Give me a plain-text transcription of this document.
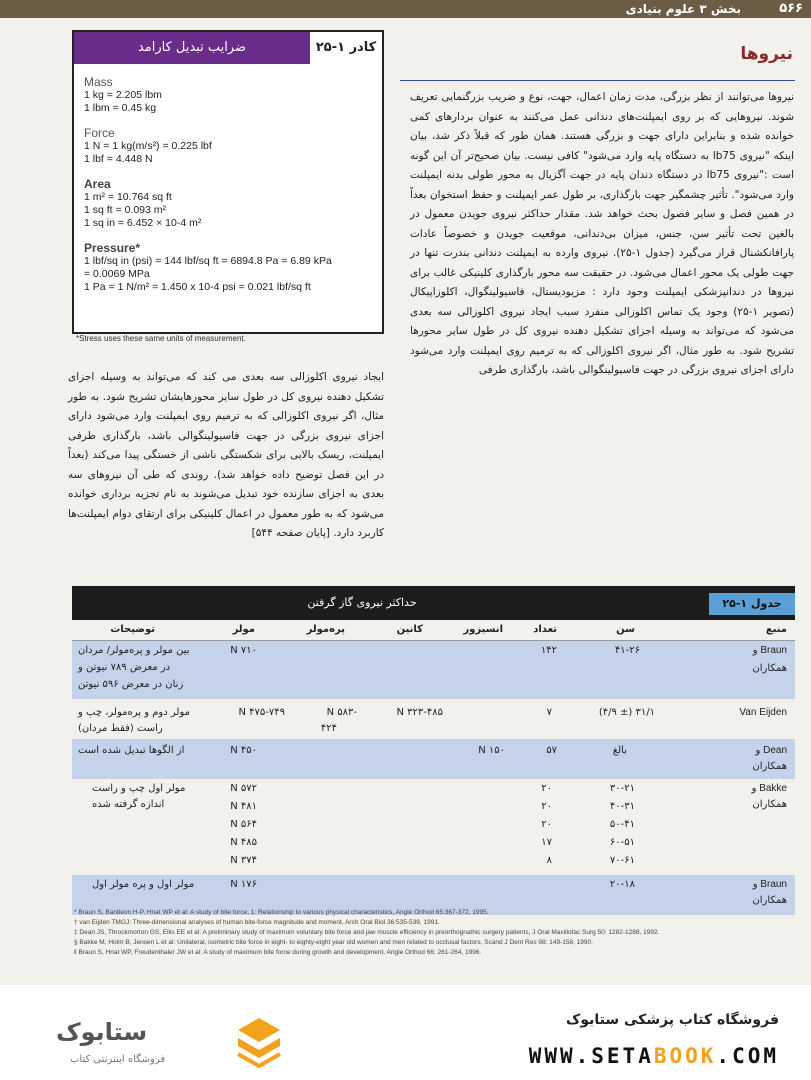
۵۶۶
بخش ۳ علوم بنیادی
ضرایب تبدیل کارامد	کادر ۱-۲۵
Mass
1 kg = 2.205 lbm
1 lbm = 0.45 kg
Force
1 N = 1 kg(m/s²) = 0.225 lbf
1 lbf = 4.448 N
Area
1 m² = 10.764 sq ft
1 sq ft = 0.093 m²
1 sq in = 6.452 × 10-4 m²
Pressure*
1 lbf/sq in (psi) = 144 lbf/sq ft = 6894.8 Pa = 6.89 kPa
= 0.0069 MPa
1 Pa = 1 N/m² = 1.450 x 10-4 psi = 0.021 lbf/sq ft
*Stress uses these same units of measurement.
نیروها
نیروها می‌توانند از نظر بزرگی، مدت زمان اعمال، جهت، نوع و ضریب بزرگنمایی تعریف شوند. نیروهایی که بر روی ایمپلنت‌های دندانی عمل می‌کنند به عنوان بردارهای کمی خوانده شده و بنابراین دارای جهت و بزرگی هستند. همان طور که قبلاً ذکر شد، بیان اینکه "نیروی lb75 به دستگاه پایه وارد می‌شود" کافی نیست. بیان صحیح‌تر آن این گونه است :"نیروی lb75 در دستگاه دندان پایه در جهت آگزیال به محور طولی بدنه ایمپلنت وارد می‌شود". تأثیر چشمگیر جهت بارگذاری، بر طول عمر ایمپلنت و حفظ استخوان بعداً در همین فصل و سایر فصول بحث خواهد شد. مقدار حداکثر نیروی جویدن معمول در بالغین تحت تأثیر سن، جنس، میزان بی‌دندانی، موقعیت جویدن و خصوصاً عادات پارافانکشنال قرار می‌گیرد (جدول ۱-۲۵). نیروی وارده به ایمپلنت دندانی بندرت تنها در جهت طولی یک محور اعمال می‌شود. در حقیقت سه محور بارگذاری کلینیکی غالب برای نیروها در دندانپزشکی ایمپلنت وجود دارد : مزیودیستال، فاسیولینگوال، اکلوزاپیکال (تصویر ۱-۲۵) وجود یک تماس اکلوزالی منفرد سبب ایجاد نیروی اکلوزالی سه بعدی می‌شود که می‌تواند به وسیله اجزای تشکیل دهنده نیروی کل در طول سایر محورها تشریح شود. به طور مثال، اگر نیروی اکلوزالی که به ترمیم روی ایمپلنت وارد می‌شود دارای اجزای نیروی بزرگی در جهت فاسیولینگوالی باشد، بارگذاری طرفی
ایجاد نیروی اکلوزالی سه بعدی می کند که می‌تواند به وسیله اجزای تشکیل دهنده نیروی کل در طول سایر محورهایشان تشریح شود. به طور مثال، اگر نیروی اکلوزالی که به ترمیم روی ایمپلنت وارد می‌شود دارای اجزای نیروی بزرگی در جهت فاسیولینگوالی باشد، بارگذاری طرفی ایمپلنت، ریسک بالایی برای شکستگی ناشی از خستگی پیدا می‌کند (بعداً در این فصل توضیح داده خواهد شد). روندی که طی آن نیروهای سه بعدی به اجزای سازنده خود تبدیل می‌شوند به نام تجزیه برداری خوانده می‌شود که به طور معمول در اعمال کلینیکی برای ارتقای دوام ایمپلنت‌ها کاربرد دارد. [پایان صفحه ۵۴۴]
حداکثر نیروی گاز گرفتن	جدول ۱-۲۵
منبع
سن
تعداد
انسیزور
کانین
پره‌مولر
مولر
توضیحات
Braun و
همکاران
۴۱-۲۶
۱۴۲
۷۱۰ N
بین مولر و پره‌مولر/ مردان
در معرض ۷۸۹ نیوتن و
زنان در معرض ۵۹۶ نیوتن
Van Eijden
۳۱/۱ (± ۴/۹)
۷
۳۲۳-۴۸۵ N
-۵۸۳ N
۴۲۴
۴۷۵-۷۴۹ N
مولر دوم و پره‌مولر، چپ و
راست (فقط مردان)
Dean و
همکاران
بالغ
۵۷
۱۵۰ N
۴۵۰ N
از الگوها تبدیل شده است
Bakke و
همکاران
۳۰-۲۱
۴۰-۳۱
۵۰-۴۱
۶۰-۵۱
۷۰-۶۱
۲۰
۲۰
۲۰
۱۷
۸
۵۷۲ N
۴۸۱ N
۵۶۴ N
۴۸۵ N
۳۷۴ N
مولر اول چپ و راست
اندازه گرفته شده
Braun و
همکاران
۲۰-۱۸
۱۷۶ N
مولر اول و پره مولر اول
* Braun S, Bantleon H-P, Hnat WP et al: A study of bite force, 1: Relationship to various physical characteristics, Angle Orthod 65:367-372, 1995.
† van Eijden TMGJ: Three-dimensional analyses of human bite-force magnitude and moment, Arch Oral Biol 36:535-539, 1991.
‡ Dean JS, Throckmorton GS, Ellis EE et al: A preliminary study of maximum voluntary bite force and jaw muscle efficiency in preorthognathic surgery patients, J Oral Maxillofac Surg 50: 1282-1288, 1992.
§ Bakke M, Holm B, Jensen L et al: Unilateral, isometric bite force in eight- to eighty-eight year old women and men related to occlusal factors, Scand J Dent Res 98: 149-158, 1990.
‖ Braun S, Hnat WP, Freudenthaler JW et al: A study of maximum bite force during growth and development, Angle Orthod 66: 261-264, 1996.
ستابوک
فروشگاه اینترنتی کتاب
فروشگاه کتاب پزشکی ستابوک
WWW.SETABOOK.COM
